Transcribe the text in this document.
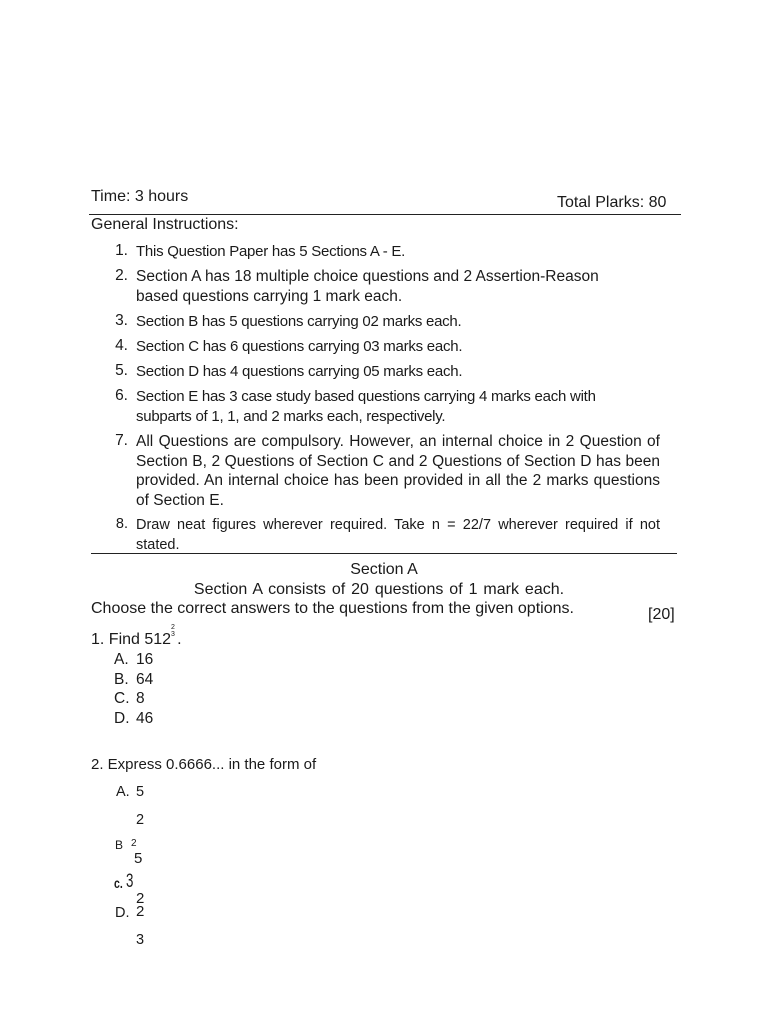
Time: 3 hours	Total Plarks: 80
General Instructions:
1. This Question Paper has 5 Sections A - E.
2. Section A has 18 multiple choice questions and 2 Assertion-Reason based questions carrying 1 mark each.
3. Section B has 5 questions carrying 02 marks each.
4. Section C has 6 questions carrying 03 marks each.
5. Section D has 4 questions carrying 05 marks each.
6. Section E has 3 case study based questions carrying 4 marks each with subparts of 1, 1, and 2 marks each, respectively.
7. All Questions are compulsory. However, an internal choice in 2 Question of Section B, 2 Questions of Section C and 2 Questions of Section D has been provided. An internal choice has been provided in all the 2 marks questions of Section E.
8. Draw neat figures wherever required. Take n = 22/7 wherever required if not stated.
Section A
Section A consists of 20 questions of 1 mark each.
Choose the correct answers to the questions from the given options.	[20]
1. Find 512 .
2
3
A. 16
B. 64
C. 8
D. 46
2. Express 0.6666... in the form of
A. 5
2
B 2
5
c. 3
2
D. 2
3
